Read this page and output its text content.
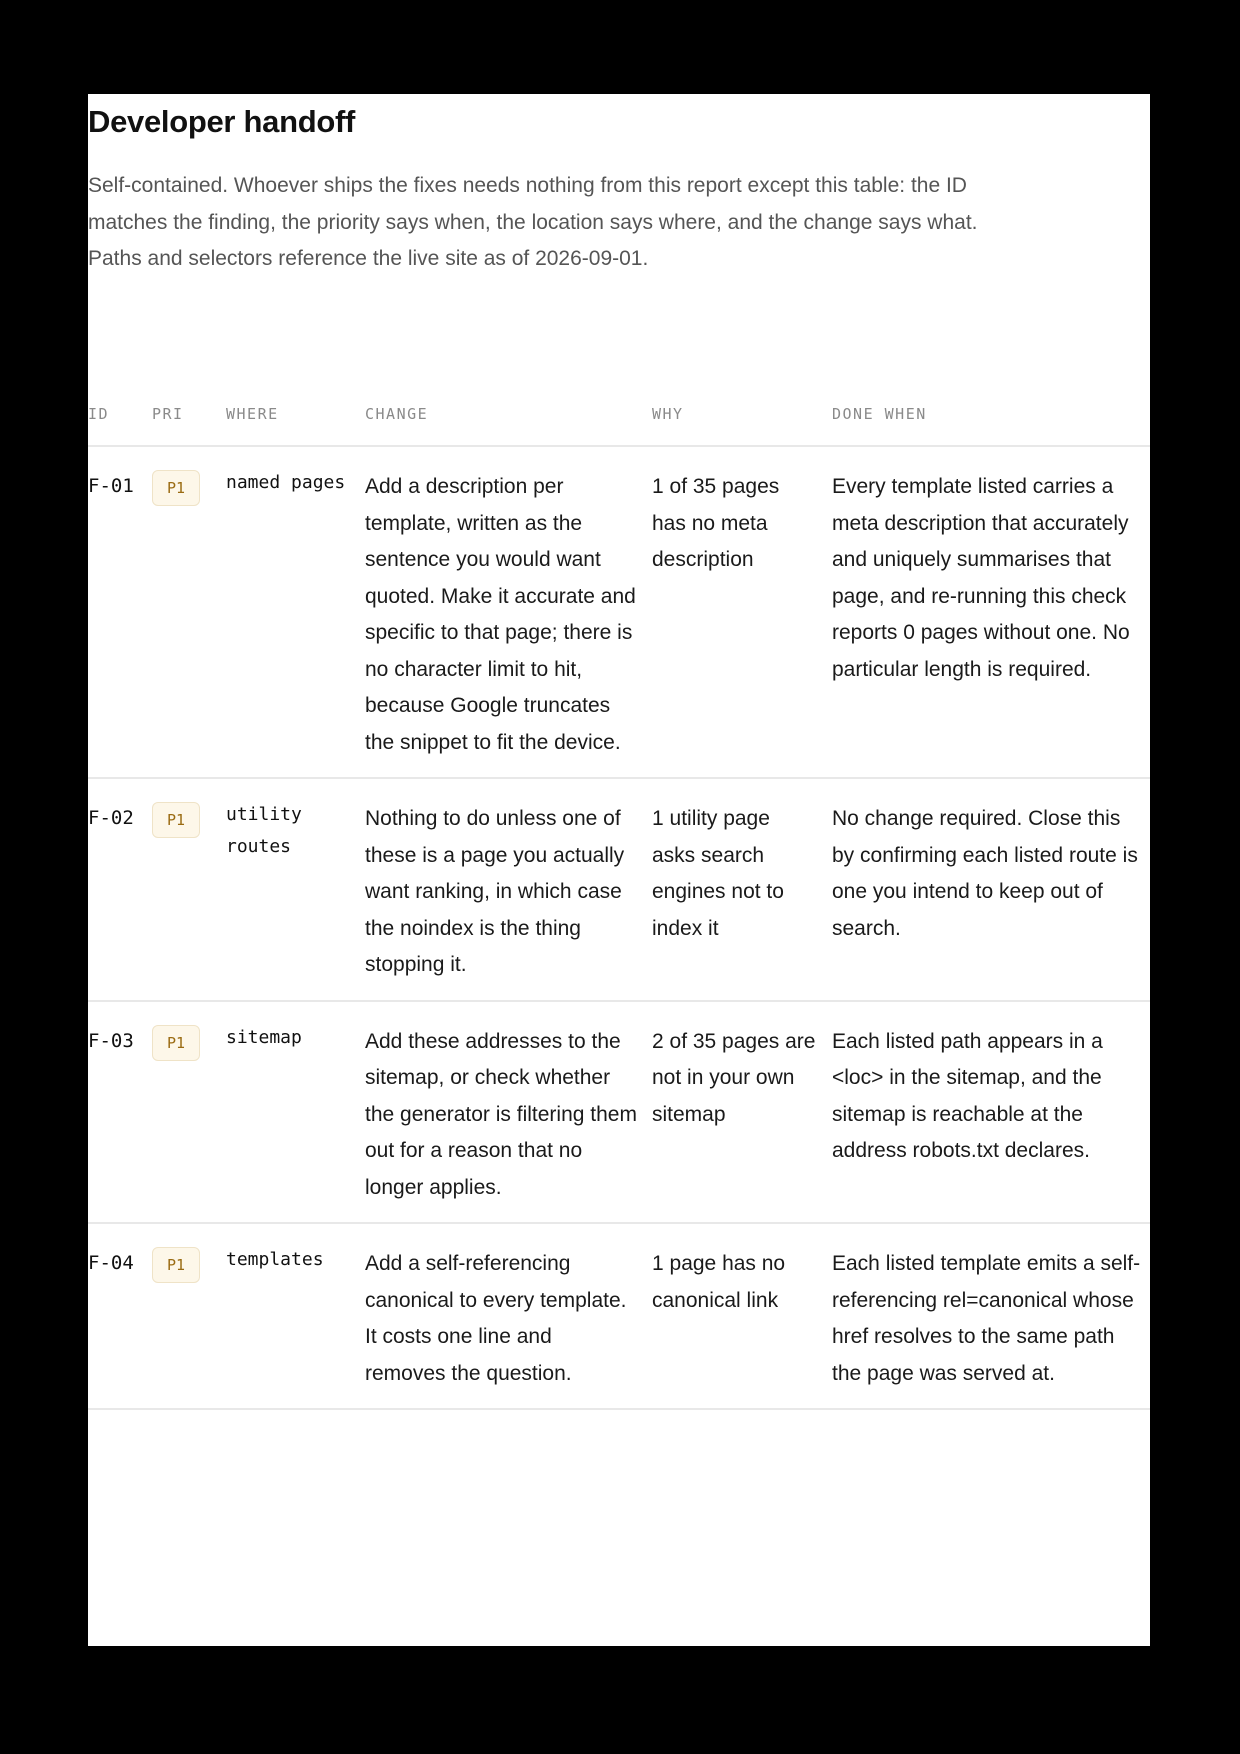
Developer handoff

Self-contained. Whoever ships the fixes needs nothing from this report except this table: the ID matches the finding, the priority says when, the location says where, and the change says what. Paths and selectors reference the live site as of 2026-09-01.

ID	PRI	WHERE	CHANGE	WHY	DONE WHEN
F-01	P1	named pages	Add a description per template, written as the sentence you would want quoted. Make it accurate and specific to that page; there is no character limit to hit, because Google truncates the snippet to fit the device.	1 of 35 pages has no meta description	Every template listed carries a meta description that accurately and uniquely summarises that page, and re-running this check reports 0 pages without one. No particular length is required.
F-02	P1	utility routes	Nothing to do unless one of these is a page you actually want ranking, in which case the noindex is the thing stopping it.	1 utility page asks search engines not to index it	No change required. Close this by confirming each listed route is one you intend to keep out of search.
F-03	P1	sitemap	Add these addresses to the sitemap, or check whether the generator is filtering them out for a reason that no longer applies.	2 of 35 pages are not in your own sitemap	Each listed path appears in a <loc> in the sitemap, and the sitemap is reachable at the address robots.txt declares.
F-04	P1	templates	Add a self-referencing canonical to every template. It costs one line and removes the question.	1 page has no canonical link	Each listed template emits a self-referencing rel=canonical whose href resolves to the same path the page was served at.
